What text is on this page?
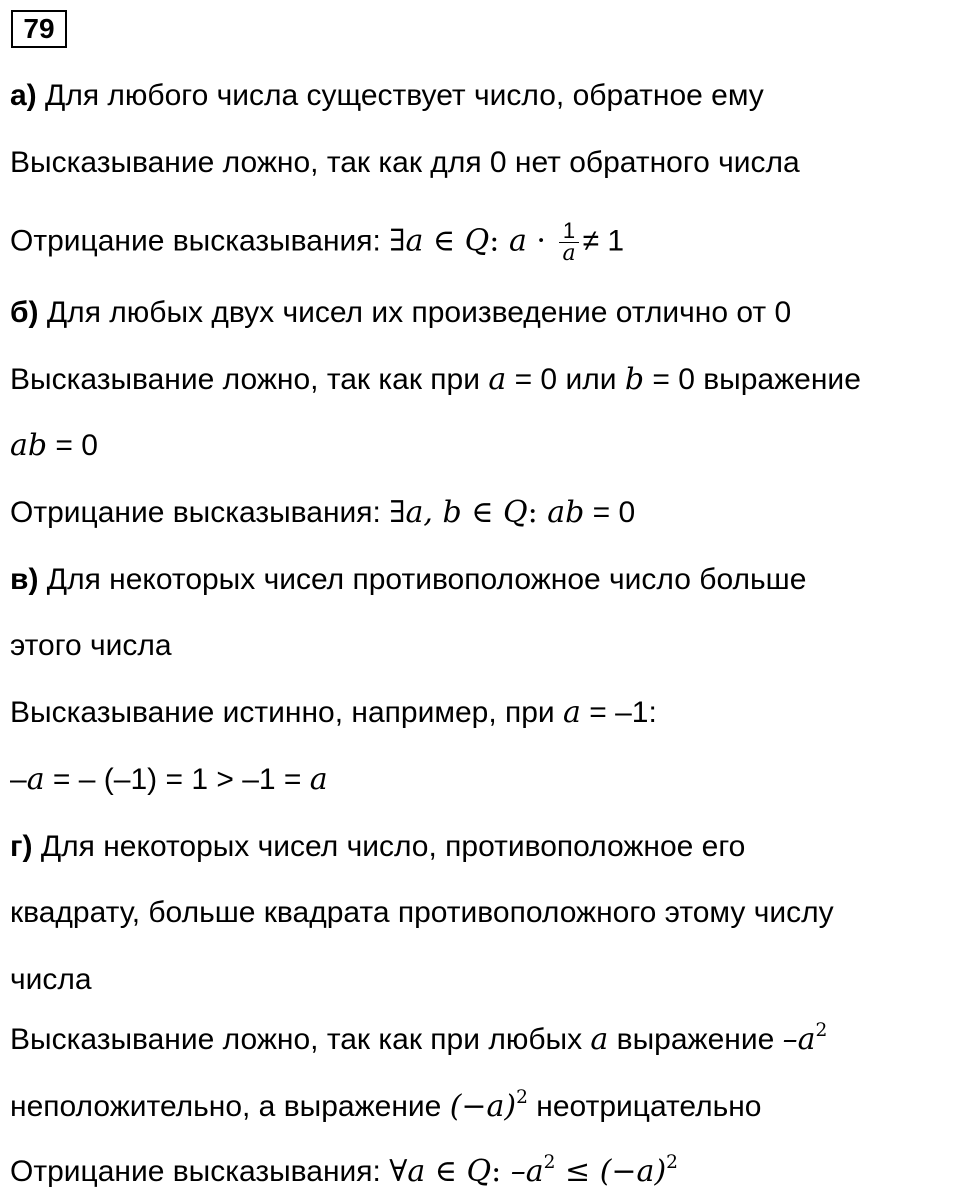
79
а) Для любого числа существует число, обратное ему
Высказывание ложно, так как для 0 нет обратного числа
Отрицание высказывания: ∃a ∈ Q: $a \cdot \frac{1}{a} \ne 1$
б) Для любых двух чисел их произведение отлично от 0
Высказывание ложно, так как при a = 0 или b = 0 выражение
ab = 0
Отрицание высказывания: ∃a, b ∈ Q: ab = 0
в) Для некоторых чисел противоположное число больше
этого числа
Высказывание истинно, например, при a = –1:
–a = – (–1) = 1 > –1 = a
г) Для некоторых чисел число, противоположное его
квадрату, больше квадрата противоположного этому числу
числа
Высказывание ложно, так как при любых a выражение $-a^2$
неположительно, а выражение $(-a)^2$ неотрицательно
Отрицание высказывания: ∀a ∈ Q: $-a^2 \le (-a)^2$
